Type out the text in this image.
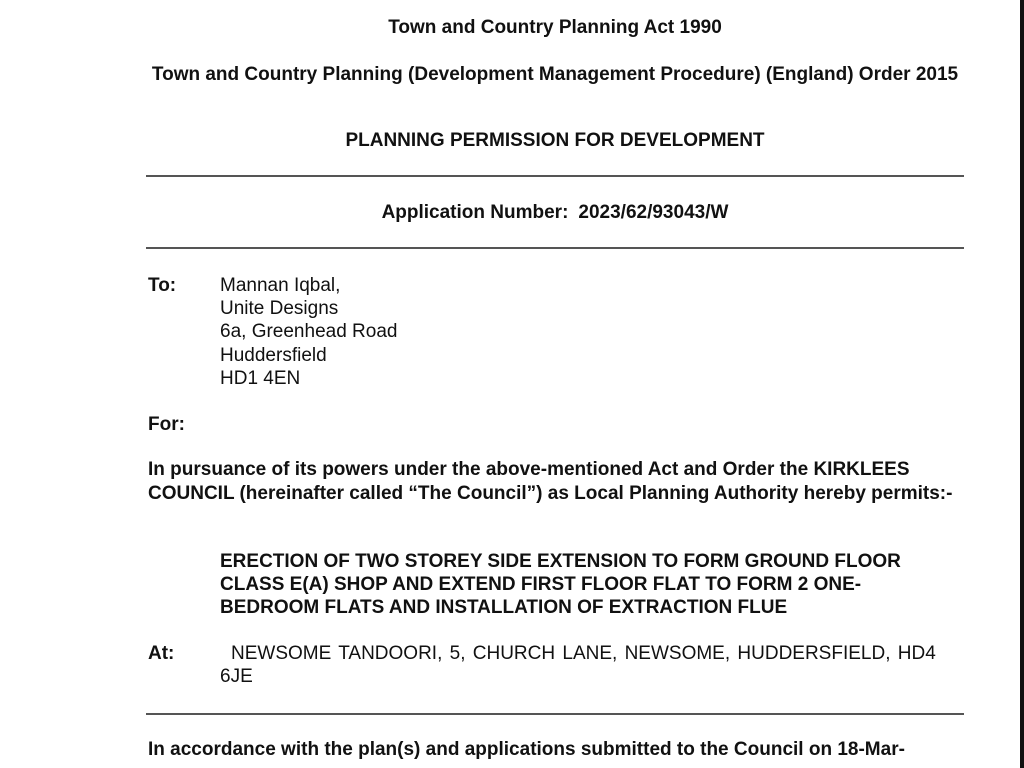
Town and Country Planning Act 1990
Town and Country Planning (Development Management Procedure) (England) Order 2015
PLANNING PERMISSION FOR DEVELOPMENT
Application Number: 2023/62/93043/W
To: Mannan Iqbal,
Unite Designs
6a, Greenhead Road
Huddersfield
HD1 4EN
For:
In pursuance of its powers under the above-mentioned Act and Order the KIRKLEES COUNCIL (hereinafter called “The Council”) as Local Planning Authority hereby permits:-
ERECTION OF TWO STOREY SIDE EXTENSION TO FORM GROUND FLOOR CLASS E(A) SHOP AND EXTEND FIRST FLOOR FLAT TO FORM 2 ONE-BEDROOM FLATS AND INSTALLATION OF EXTRACTION FLUE
At:	NEWSOME TANDOORI, 5, CHURCH LANE, NEWSOME, HUDDERSFIELD, HD4 6JE
In accordance with the plan(s) and applications submitted to the Council on 18-Mar-
